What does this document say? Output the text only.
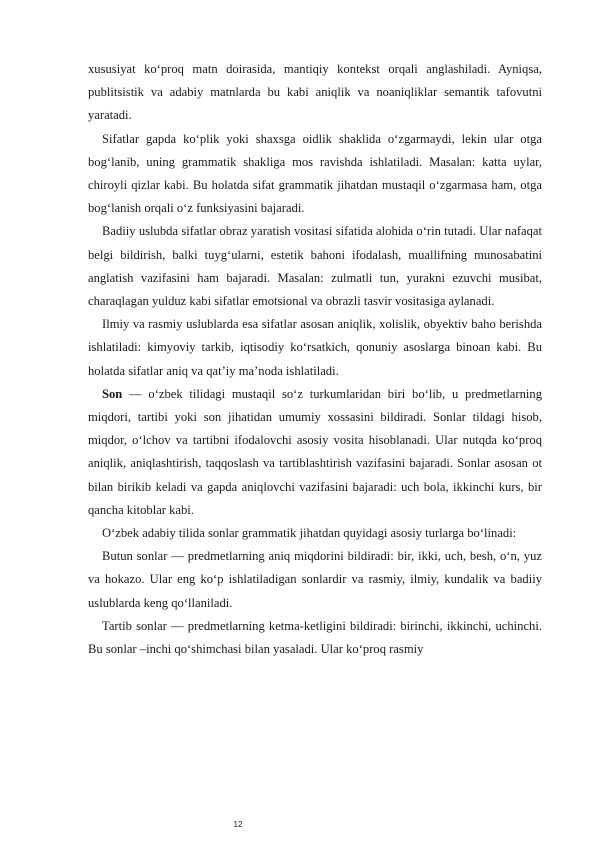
xususiyat ko‘proq matn doirasida, mantiqiy kontekst orqali anglashiladi. Ayniqsa, publitsistik va adabiy matnlarda bu kabi aniqlik va noaniqliklar semantik tafovutni yaratadi.

Sifatlar gapda ko‘plik yoki shaxsga oidlik shaklida o‘zgarmaydi, lekin ular otga bog‘lanib, uning grammatik shakliga mos ravishda ishlatiladi. Masalan: katta uylar, chiroyli qizlar kabi. Bu holatda sifat grammatik jihatdan mustaqil o‘zgarmasa ham, otga bog‘lanish orqali o‘z funksiyasini bajaradi.

Badiiy uslubda sifatlar obraz yaratish vositasi sifatida alohida o‘rin tutadi. Ular nafaqat belgi bildirish, balki tuyg‘ularni, estetik bahoni ifodalash, muallifning munosabatini anglatish vazifasini ham bajaradi. Masalan: zulmatli tun, yurakni ezuvchi musibat, charaqlagan yulduz kabi sifatlar emotsional va obrazli tasvir vositasiga aylanadi.

Ilmiy va rasmiy uslublarda esa sifatlar asosan aniqlik, xolislik, obyektiv baho berishda ishlatiladi: kimyoviy tarkib, iqtisodiy ko‘rsatkich, qonuniy asoslarga binoan kabi. Bu holatda sifatlar aniq va qat’iy ma’noda ishlatiladi.

Son — o‘zbek tilidagi mustaqil so‘z turkumlaridan biri bo‘lib, u predmetlarning miqdori, tartibi yoki son jihatidan umumiy xossasini bildiradi. Sonlar tildagi hisob, miqdor, o‘lchov va tartibni ifodalovchi asosiy vosita hisoblanadi. Ular nutqda ko‘proq aniqlik, aniqlashtirish, taqqoslash va tartiblashtirish vazifasini bajaradi. Sonlar asosan ot bilan birikib keladi va gapda aniqlovchi vazifasini bajaradi: uch bola, ikkinchi kurs, bir qancha kitoblar kabi.

O‘zbek adabiy tilida sonlar grammatik jihatdan quyidagi asosiy turlarga bo‘linadi:

Butun sonlar — predmetlarning aniq miqdorini bildiradi: bir, ikki, uch, besh, o‘n, yuz va hokazo. Ular eng ko‘p ishlatiladigan sonlardir va rasmiy, ilmiy, kundalik va badiiy uslublarda keng qo‘llaniladi.

Tartib sonlar — predmetlarning ketma-ketligini bildiradi: birinchi, ikkinchi, uchinchi. Bu sonlar –inchi qo‘shimchasi bilan yasaladi. Ular ko‘proq rasmiy

12
